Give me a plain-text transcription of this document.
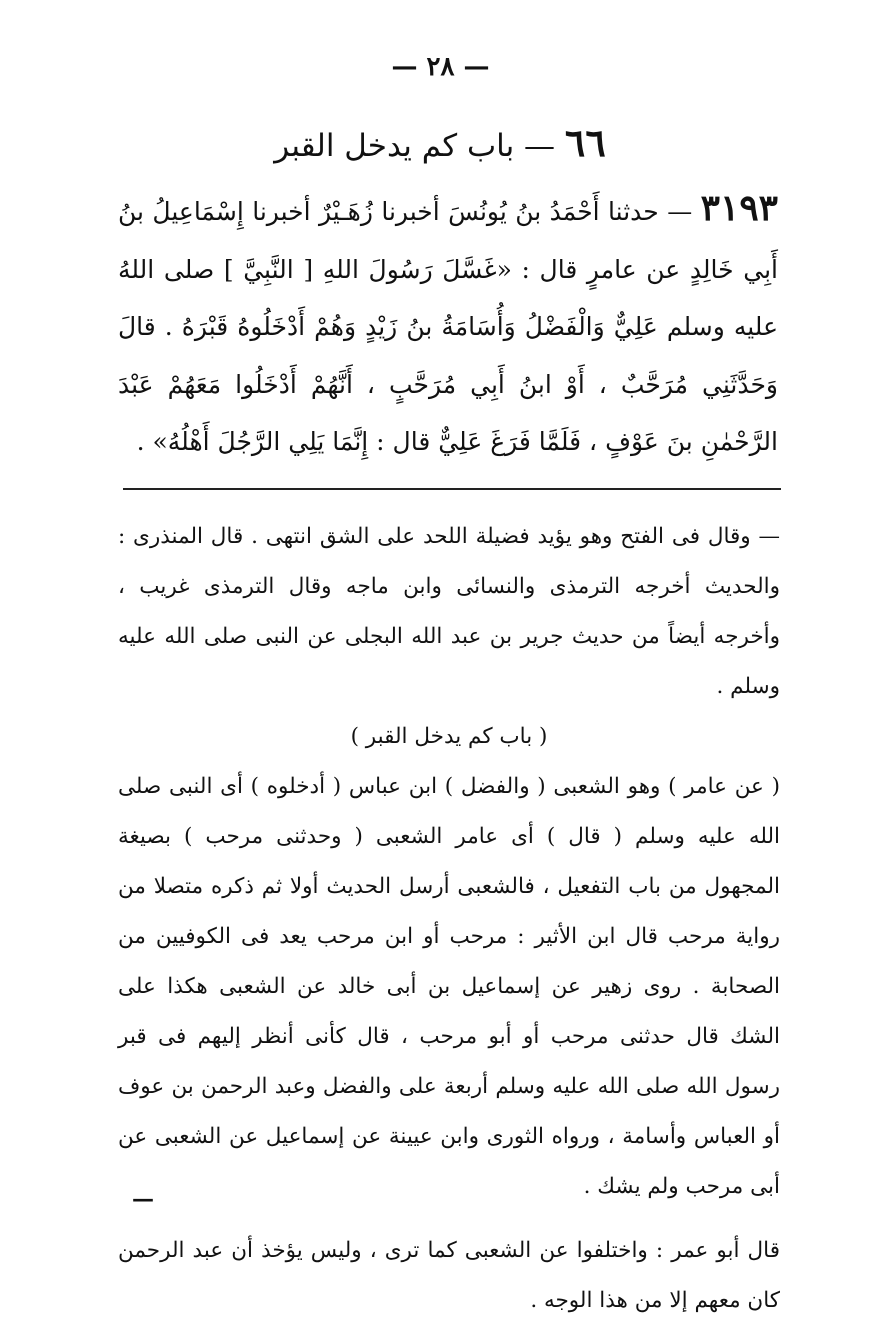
— ٢٨ —
٦٦ — باب كم يدخل القبر
٣١٩٣ — حدثنا أَحْمَدُ بنُ يُونُسَ أخبرنا زُهَـيْرٌ أخبرنا إِسْمَاعِيلُ بنُ أَبِي خَالِدٍ عن عامرٍ قال : «غَسَّلَ رَسُولَ اللهِ [ النَّبِيَّ ] صلى اللهُ عليه وسلم عَلِيٌّ وَالْفَضْلُ وَأُسَامَةُ بنُ زَيْدٍ وَهُمْ أَدْخَلُوهُ قَبْرَهُ . قالَ وَحَدَّثَنِي مُرَحَّبٌ ، أَوْ ابنُ أَبِي مُرَحَّبٍ ، أَنَّهُمْ أَدْخَلُوا مَعَهُمْ عَبْدَ الرَّحْمٰنِ بنَ عَوْفٍ ، فَلَمَّا فَرَغَ عَلِيٌّ قال : إِنَّمَا يَلِي الرَّجُلَ أَهْلُهُ» .

— وقال فى الفتح وهو يؤيد فضيلة اللحد على الشق انتهى . قال المنذرى : والحديث أخرجه الترمذى والنسائى وابن ماجه وقال الترمذى غريب ، وأخرجه أيضاً من حديث جرير بن عبد الله البجلى عن النبى صلى الله عليه وسلم .

( باب كم يدخل القبر )

( عن عامر ) وهو الشعبى ( والفضل ) ابن عباس ( أدخلوه ) أى النبى صلى الله عليه وسلم ( قال ) أى عامر الشعبى ( وحدثنى مرحب ) بصيغة المجهول من باب التفعيل ، فالشعبى أرسل الحديث أولا ثم ذكره متصلا من رواية مرحب قال ابن الأثير : مرحب أو ابن مرحب يعد فى الكوفيين من الصحابة . روى زهير عن إسماعيل بن أبى خالد عن الشعبى هكذا على الشك قال حدثنى مرحب أو أبو مرحب ، قال كأنى أنظر إليهم فى قبر رسول الله صلى الله عليه وسلم أربعة على والفضل وعبد الرحمن بن عوف أو العباس وأسامة ، ورواه الثورى وابن عيينة عن إسماعيل عن الشعبى عن أبى مرحب ولم يشك .

قال أبو عمر : واختلفوا عن الشعبى كما ترى ، وليس يؤخذ أن عبد الرحمن كان معهم إلا من هذا الوجه .

—
